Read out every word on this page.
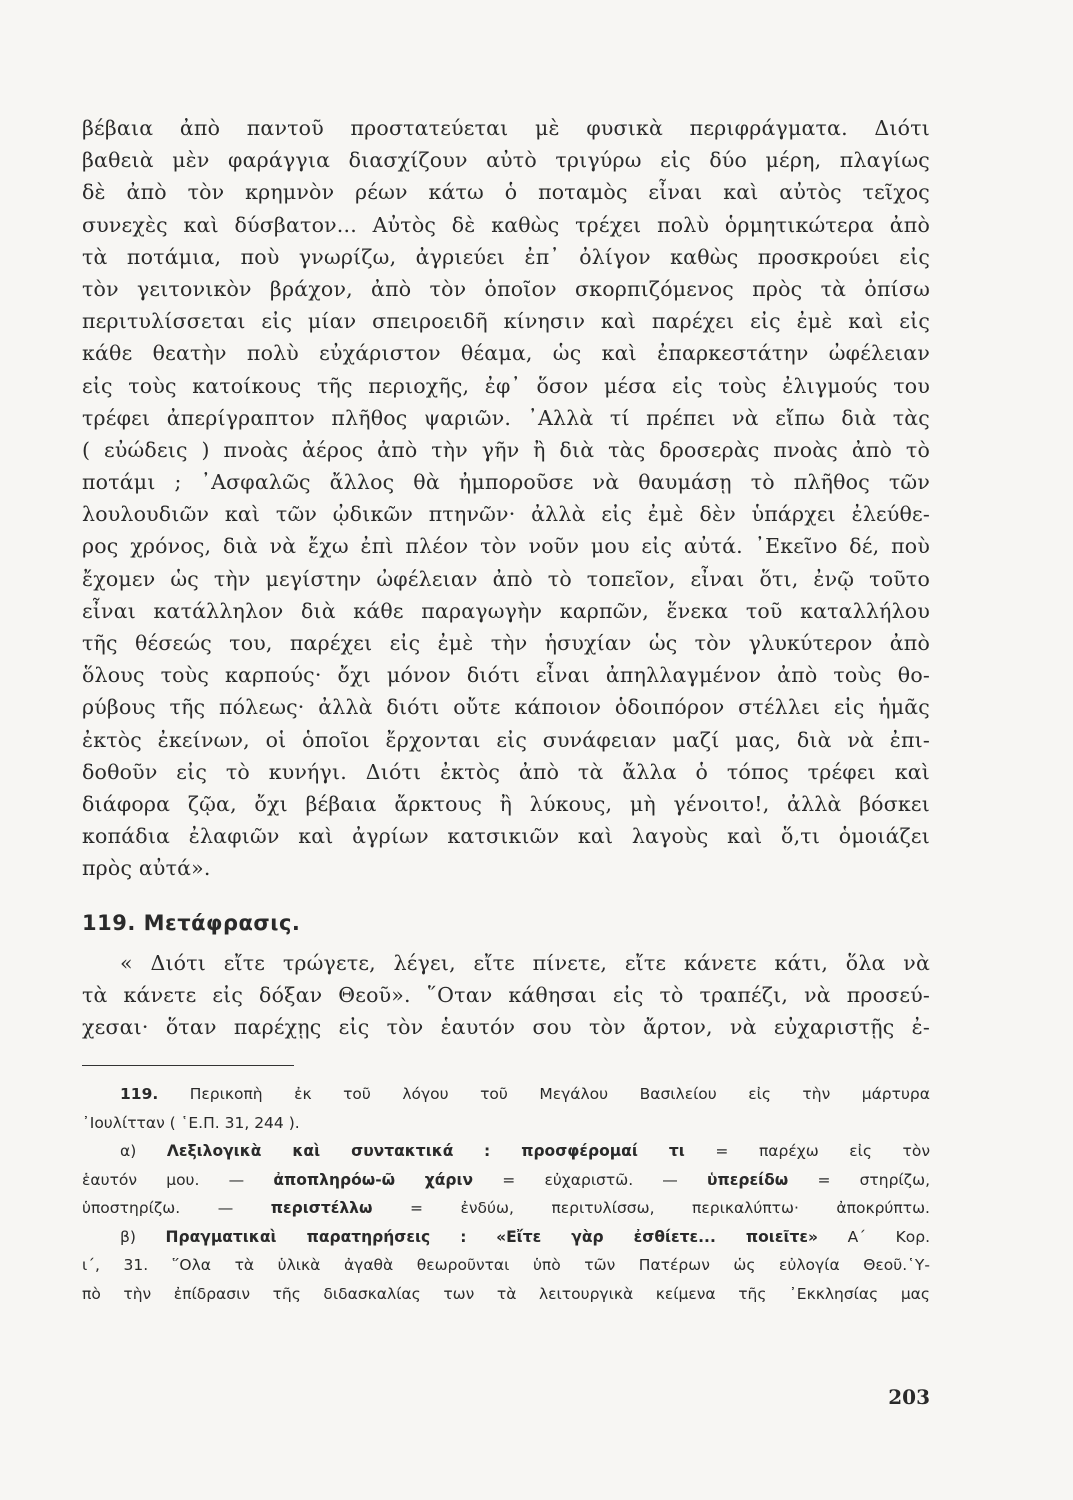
βέβαια ἀπὸ παντοῦ προστατεύεται μὲ φυσικὰ περιφράγματα. Διότι
βαθειὰ μὲν φαράγγια διασχίζουν αὐτὸ τριγύρω εἰς δύο μέρη, πλαγίως
δὲ ἀπὸ τὸν κρημνὸν ρέων κάτω ὁ ποταμὸς εἶναι καὶ αὐτὸς τεῖχος
συνεχὲς καὶ δύσβατον... Αὐτὸς δὲ καθὼς τρέχει πολὺ ὁρμητικώτερα ἀπὸ
τὰ ποτάμια, ποὺ γνωρίζω, ἀγριεύει ἐπ᾽ ὀλίγον καθὼς προσκρούει εἰς
τὸν γειτονικὸν βράχον, ἀπὸ τὸν ὁποῖον σκορπιζόμενος πρὸς τὰ ὀπίσω
περιτυλίσσεται εἰς μίαν σπειροειδῆ κίνησιν καὶ παρέχει εἰς ἐμὲ καὶ εἰς
κάθε θεατὴν πολὺ εὐχάριστον θέαμα, ὡς καὶ ἐπαρκεστάτην ὠφέλειαν
εἰς τοὺς κατοίκους τῆς περιοχῆς, ἐφ᾽ ὅσον μέσα εἰς τοὺς ἐλιγμούς του
τρέφει ἀπερίγραπτον πλῆθος ψαριῶν. ᾿Αλλὰ τί πρέπει νὰ εἴπω διὰ τὰς
( εὐώδεις ) πνοὰς ἀέρος ἀπὸ τὴν γῆν ἢ διὰ τὰς δροσερὰς πνοὰς ἀπὸ τὸ
ποτάμι ; ᾿Ασφαλῶς ἄλλος θὰ ἠμποροῦσε νὰ θαυμάσῃ τὸ πλῆθος τῶν
λουλουδιῶν καὶ τῶν ᾠδικῶν πτηνῶν· ἀλλὰ εἰς ἐμὲ δὲν ὑπάρχει ἐλεύθε-
ρος χρόνος, διὰ νὰ ἔχω ἐπὶ πλέον τὸν νοῦν μου εἰς αὐτά. ᾿Εκεῖνο δέ, ποὺ
ἔχομεν ὡς τὴν μεγίστην ὠφέλειαν ἀπὸ τὸ τοπεῖον, εἶναι ὅτι, ἐνῷ τοῦτο
εἶναι κατάλληλον διὰ κάθε παραγωγὴν καρπῶν, ἕνεκα τοῦ καταλλήλου
τῆς θέσεώς του, παρέχει εἰς ἐμὲ τὴν ἡσυχίαν ὡς τὸν γλυκύτερον ἀπὸ
ὅλους τοὺς καρπούς· ὄχι μόνον διότι εἶναι ἀπηλλαγμένον ἀπὸ τοὺς θο-
ρύβους τῆς πόλεως· ἀλλὰ διότι οὔτε κάποιον ὁδοιπόρον στέλλει εἰς ἡμᾶς
ἐκτὸς ἐκείνων, οἱ ὁποῖοι ἔρχονται εἰς συνάφειαν μαζί μας, διὰ νὰ ἐπι-
δοθοῦν εἰς τὸ κυνήγι. Διότι ἐκτὸς ἀπὸ τὰ ἄλλα ὁ τόπος τρέφει καὶ
διάφορα ζῷα, ὄχι βέβαια ἄρκτους ἢ λύκους, μὴ γένοιτο!, ἀλλὰ βόσκει
κοπάδια ἐλαφιῶν καὶ ἀγρίων κατσικιῶν καὶ λαγοὺς καὶ ὅ,τι ὁμοιάζει
πρὸς αὐτά».
119. Μετάφρασις.
« Διότι εἴτε τρώγετε, λέγει, εἴτε πίνετε, εἴτε κάνετε κάτι, ὅλα νὰ
τὰ κάνετε εἰς δόξαν Θεοῦ». ῞Οταν κάθησαι εἰς τὸ τραπέζι, νὰ προσεύ-
χεσαι· ὅταν παρέχῃς εἰς τὸν ἑαυτόν σου τὸν ἄρτον, νὰ εὐχαριστῇς ἐ-
119. Περικοπὴ ἐκ τοῦ λόγου τοῦ Μεγάλου Βασιλείου εἰς τὴν μάρτυρα
᾿Ιουλίτταν ( ῾Ε.Π. 31, 244 ).
α) Λεξιλογικὰ καὶ συντακτικά : προσφέρομαί τι = παρέχω εἰς τὸν
ἑαυτόν μου. — ἀποπληρόω-ῶ χάριν = εὐχαριστῶ. — ὑπερείδω = στηρίζω,
ὑποστηρίζω. — περιστέλλω = ἐνδύω, περιτυλίσσω, περικαλύπτω· ἀποκρύπτω.
β) Πραγματικαὶ παρατηρήσεις : «Εἴτε γὰρ ἐσθίετε... ποιεῖτε» Α΄ Κορ.
ι΄, 31. ῞Ολα τὰ ὑλικὰ ἀγαθὰ θεωροῦνται ὑπὸ τῶν Πατέρων ὡς εὐλογία Θεοῦ.῾Υ-
πὸ τὴν ἐπίδρασιν τῆς διδασκαλίας των τὰ λειτουργικὰ κείμενα τῆς ᾿Εκκλησίας μας
203
